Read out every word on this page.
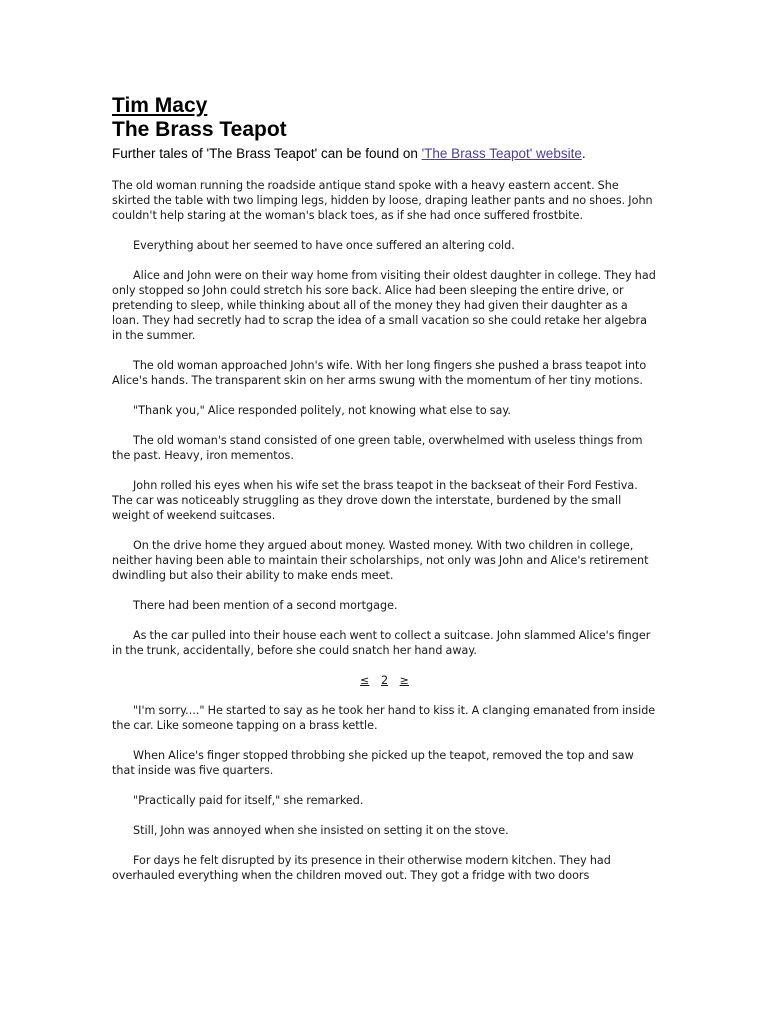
Tim Macy
The Brass Teapot
Further tales of 'The Brass Teapot' can be found on 'The Brass Teapot' website.

The old woman running the roadside antique stand spoke with a heavy eastern accent. She skirted the table with two limping legs, hidden by loose, draping leather pants and no shoes. John couldn't help staring at the woman's black toes, as if she had once suffered frostbite.

Everything about her seemed to have once suffered an altering cold.

Alice and John were on their way home from visiting their oldest daughter in college. They had only stopped so John could stretch his sore back. Alice had been sleeping the entire drive, or pretending to sleep, while thinking about all of the money they had given their daughter as a loan. They had secretly had to scrap the idea of a small vacation so she could retake her algebra in the summer.

The old woman approached John's wife. With her long fingers she pushed a brass teapot into Alice's hands. The transparent skin on her arms swung with the momentum of her tiny motions.

"Thank you," Alice responded politely, not knowing what else to say.

The old woman's stand consisted of one green table, overwhelmed with useless things from the past. Heavy, iron mementos.

John rolled his eyes when his wife set the brass teapot in the backseat of their Ford Festiva. The car was noticeably struggling as they drove down the interstate, burdened by the small weight of weekend suitcases.

On the drive home they argued about money. Wasted money. With two children in college, neither having been able to maintain their scholarships, not only was John and Alice's retirement dwindling but also their ability to make ends meet.

There had been mention of a second mortgage.

As the car pulled into their house each went to collect a suitcase. John slammed Alice's finger in the trunk, accidentally, before she could snatch her hand away.

≤ 2 ≥

"I'm sorry...." He started to say as he took her hand to kiss it. A clanging emanated from inside the car. Like someone tapping on a brass kettle.

When Alice's finger stopped throbbing she picked up the teapot, removed the top and saw that inside was five quarters.

"Practically paid for itself," she remarked.

Still, John was annoyed when she insisted on setting it on the stove.

For days he felt disrupted by its presence in their otherwise modern kitchen. They had overhauled everything when the children moved out. They got a fridge with two doors
